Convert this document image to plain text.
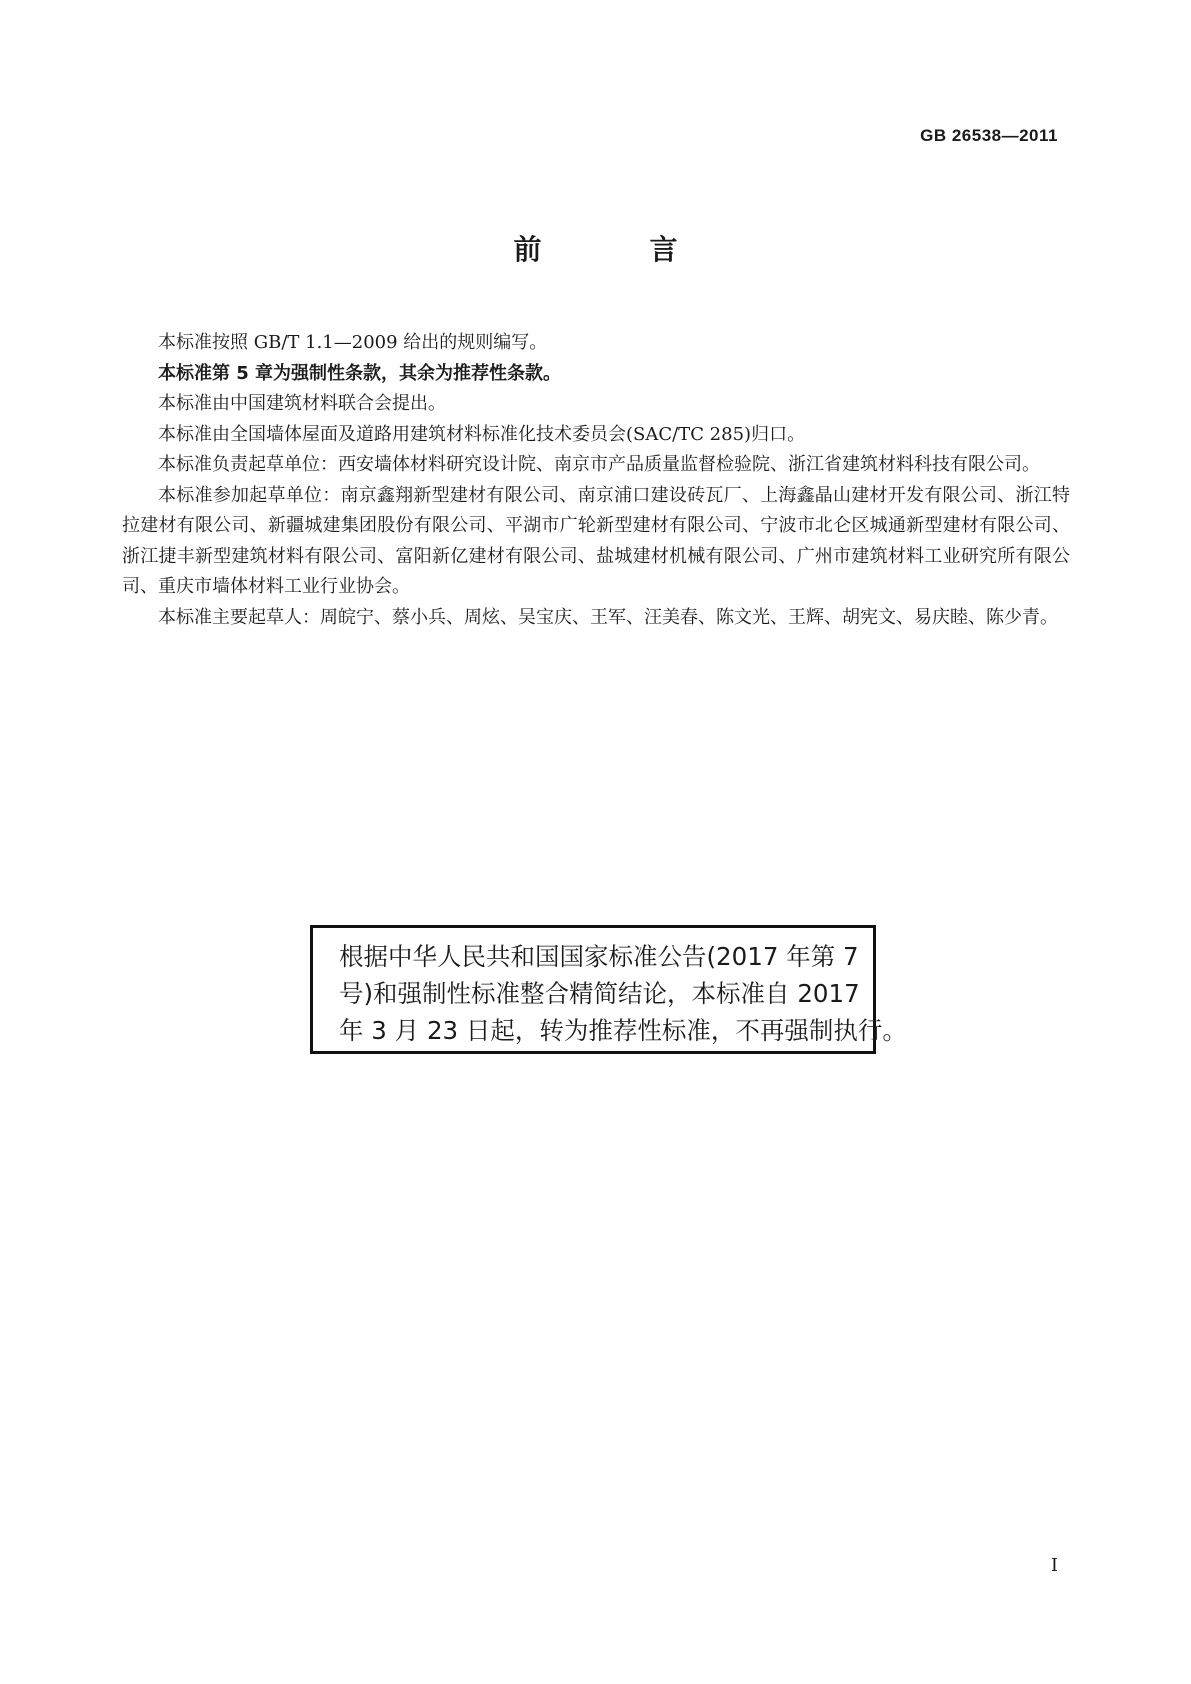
GB 26538—2011
前　言

本标准按照 GB/T 1.1—2009 给出的规则编写。

本标准第 5 章为强制性条款，其余为推荐性条款。

本标准由中国建筑材料联合会提出。

本标准由全国墙体屋面及道路用建筑材料标准化技术委员会(SAC/TC 285)归口。

本标准负责起草单位：西安墙体材料研究设计院、南京市产品质量监督检验院、浙江省建筑材料科技有限公司。

本标准参加起草单位：南京鑫翔新型建材有限公司、南京浦口建设砖瓦厂、上海鑫晶山建材开发有限公司、浙江特拉建材有限公司、新疆城建集团股份有限公司、平湖市广轮新型建材有限公司、宁波市北仑区城通新型建材有限公司、浙江捷丰新型建筑材料有限公司、富阳新亿建材有限公司、盐城建材机械有限公司、广州市建筑材料工业研究所有限公司、重庆市墙体材料工业行业协会。

本标准主要起草人：周皖宁、蔡小兵、周炫、吴宝庆、王军、汪美春、陈文光、王辉、胡宪文、易庆睦、陈少青。

根据中华人民共和国国家标准公告(2017 年第 7
号)和强制性标准整合精简结论，本标准自 2017
年 3 月 23 日起，转为推荐性标准，不再强制执行。
I
